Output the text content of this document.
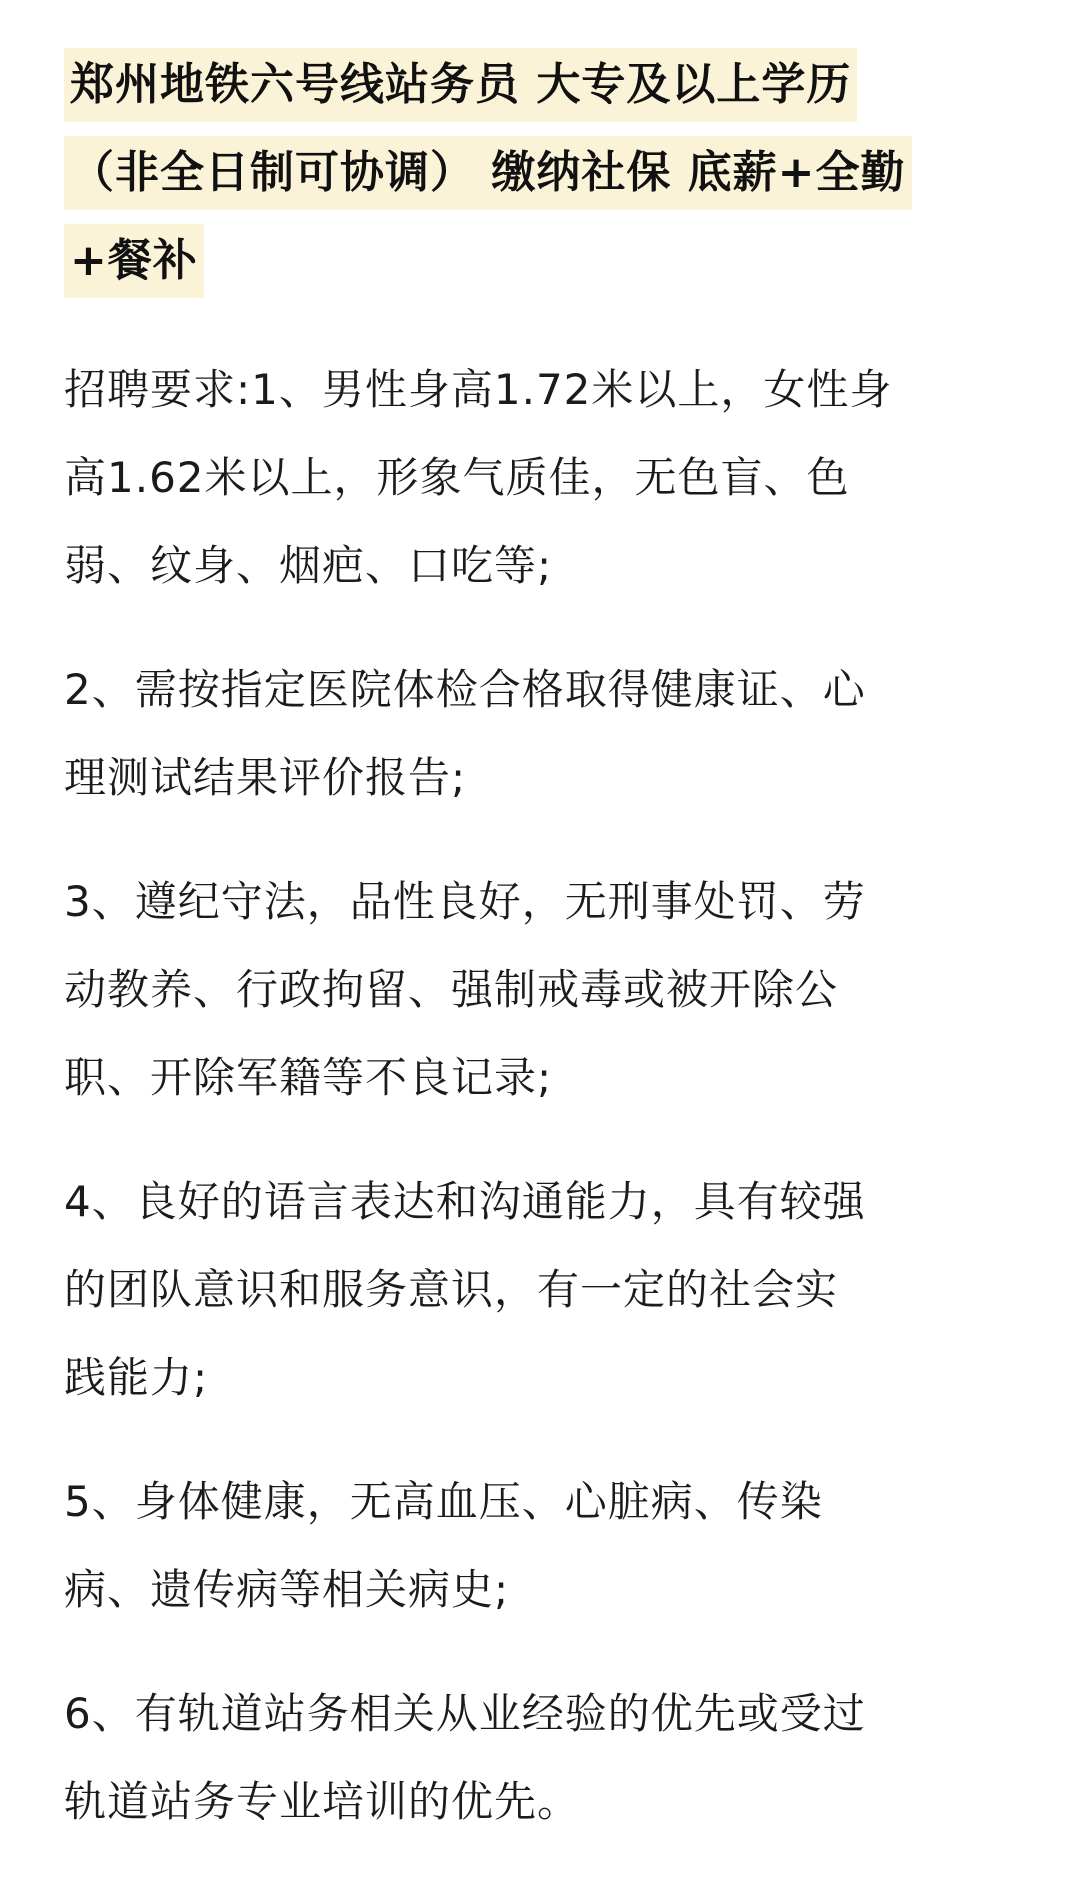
郑州地铁六号线站务员 大专及以上学历
（非全日制可协调） 缴纳社保 底薪+全勤
+餐补
招聘要求:1、男性身高1.72米以上，女性身
高1.62米以上，形象气质佳，无色盲、色
弱、纹身、烟疤、口吃等;
2、需按指定医院体检合格取得健康证、心
理测试结果评价报告;
3、遵纪守法，品性良好，无刑事处罚、劳
动教养、行政拘留、强制戒毒或被开除公
职、开除军籍等不良记录;
4、良好的语言表达和沟通能力，具有较强
的团队意识和服务意识，有一定的社会实
践能力;
5、身体健康，无高血压、心脏病、传染
病、遗传病等相关病史;
6、有轨道站务相关从业经验的优先或受过
轨道站务专业培训的优先。
